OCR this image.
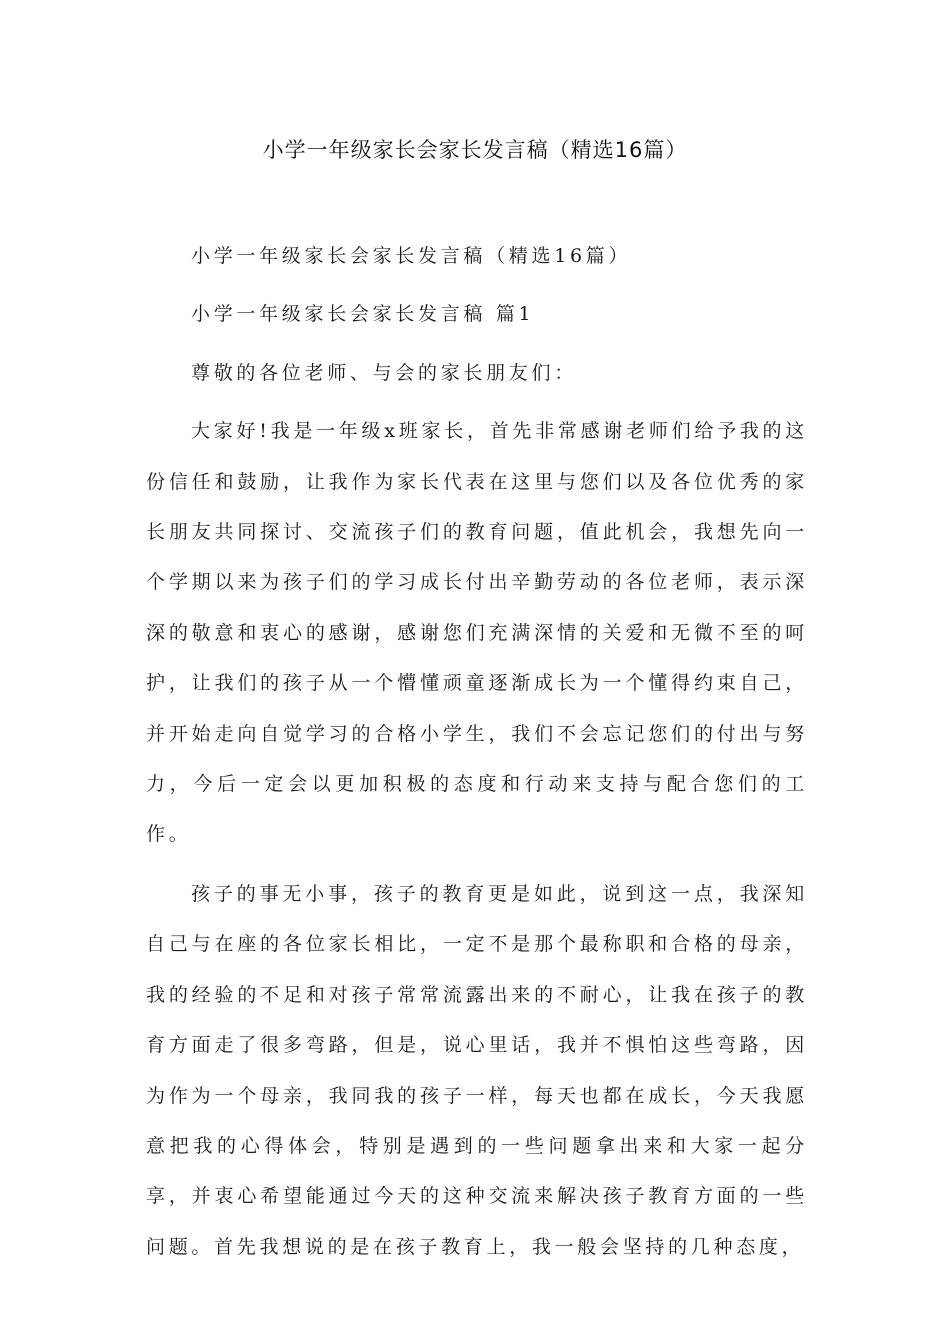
小学一年级家长会家长发言稿（精选16篇）

小学一年级家长会家长发言稿（精选16篇）

小学一年级家长会家长发言稿 篇1

尊敬的各位老师、与会的家长朋友们：

大家好!我是一年级x班家长，首先非常感谢老师们给予我的这份信任和鼓励，让我作为家长代表在这里与您们以及各位优秀的家长朋友共同探讨、交流孩子们的教育问题，值此机会，我想先向一个学期以来为孩子们的学习成长付出辛勤劳动的各位老师，表示深深的敬意和衷心的感谢，感谢您们充满深情的关爱和无微不至的呵护，让我们的孩子从一个懵懂顽童逐渐成长为一个懂得约束自己，并开始走向自觉学习的合格小学生，我们不会忘记您们的付出与努力，今后一定会以更加积极的态度和行动来支持与配合您们的工作。

孩子的事无小事，孩子的教育更是如此，说到这一点，我深知自己与在座的各位家长相比，一定不是那个最称职和合格的母亲，我的经验的不足和对孩子常常流露出来的不耐心，让我在孩子的教育方面走了很多弯路，但是，说心里话，我并不惧怕这些弯路，因为作为一个母亲，我同我的孩子一样，每天也都在成长，今天我愿意把我的心得体会，特别是遇到的一些问题拿出来和大家一起分享，并衷心希望能通过今天的这种交流来解决孩子教育方面的一些问题。首先我想说的是在孩子教育上，我一般会坚持的几种态度，
